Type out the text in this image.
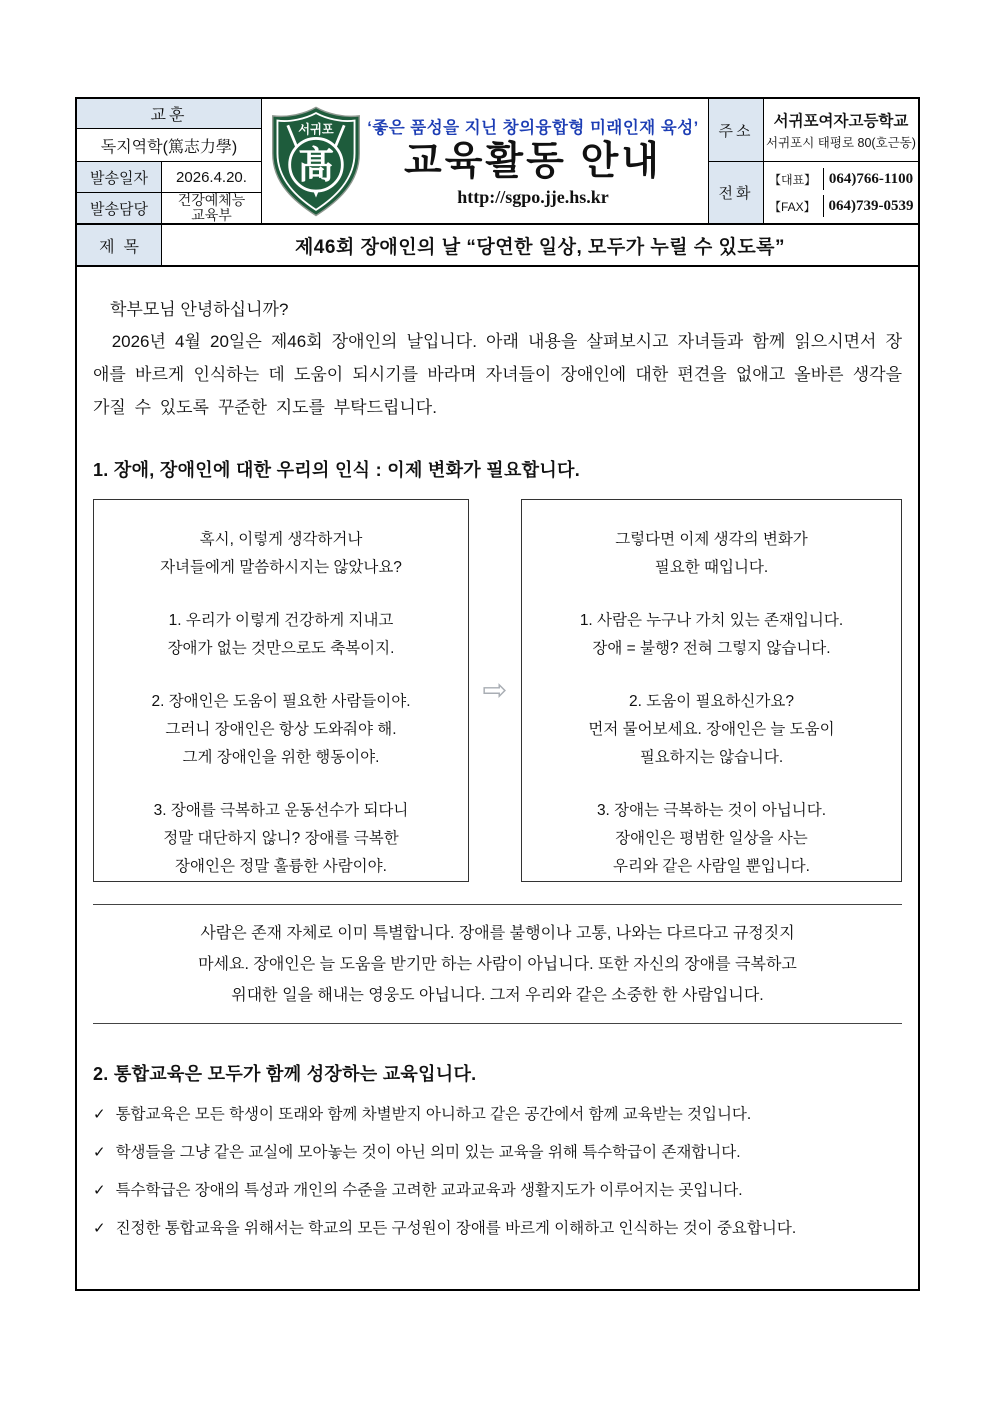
교훈
독지역학(篤志力學)
발송일자	2026.4.20.
발송담당
건강예체능
교육부
서귀포
髙
‘좋은 품성을 지닌 창의융합형 미래인재 육성’
교육활동 안내
http://sgpo.jje.hs.kr
주소
서귀포여자고등학교
서귀포시 태평로 80(호근동)
전화
【대표】 064)766-1100
【FAX】 064)739-0539
제  목	제46회 장애인의 날 “당연한 일상, 모두가 누릴 수 있도록”
학부모님 안녕하십니까?
2026년 4월 20일은 제46회 장애인의 날입니다. 아래 내용을 살펴보시고 자녀들과 함께 읽으시면서 장애를 바르게 인식하는 데 도움이 되시기를 바라며 자녀들이 장애인에 대한 편견을 없애고 올바른 생각을 가질 수 있도록 꾸준한 지도를 부탁드립니다.
1. 장애, 장애인에 대한 우리의 인식 : 이제 변화가 필요합니다.
혹시, 이렇게 생각하거나
자녀들에게 말씀하시지는 않았나요?
1. 우리가 이렇게 건강하게 지내고
장애가 없는 것만으로도 축복이지.
2. 장애인은 도움이 필요한 사람들이야.
그러니 장애인은 항상 도와줘야 해.
그게 장애인을 위한 행동이야.
3. 장애를 극복하고 운동선수가 되다니
정말 대단하지 않니? 장애를 극복한
장애인은 정말 훌륭한 사람이야.
⇨
그렇다면 이제 생각의 변화가
필요한 때입니다.
1. 사람은 누구나 가치 있는 존재입니다.
장애 = 불행? 전혀 그렇지 않습니다.
2. 도움이 필요하신가요?
먼저 물어보세요. 장애인은 늘 도움이
필요하지는 않습니다.
3. 장애는 극복하는 것이 아닙니다.
장애인은 평범한 일상을 사는
우리와 같은 사람일 뿐입니다.
사람은 존재 자체로 이미 특별합니다. 장애를 불행이나 고통, 나와는 다르다고 규정짓지
마세요. 장애인은 늘 도움을 받기만 하는 사람이 아닙니다. 또한 자신의 장애를 극복하고
위대한 일을 해내는 영웅도 아닙니다. 그저 우리와 같은 소중한 한 사람입니다.
2. 통합교육은 모두가 함께 성장하는 교육입니다.
✓ 통합교육은 모든 학생이 또래와 함께 차별받지 아니하고 같은 공간에서 함께 교육받는 것입니다.
✓ 학생들을 그냥 같은 교실에 모아놓는 것이 아닌 의미 있는 교육을 위해 특수학급이 존재합니다.
✓ 특수학급은 장애의 특성과 개인의 수준을 고려한 교과교육과 생활지도가 이루어지는 곳입니다.
✓ 진정한 통합교육을 위해서는 학교의 모든 구성원이 장애를 바르게 이해하고 인식하는 것이 중요합니다.
